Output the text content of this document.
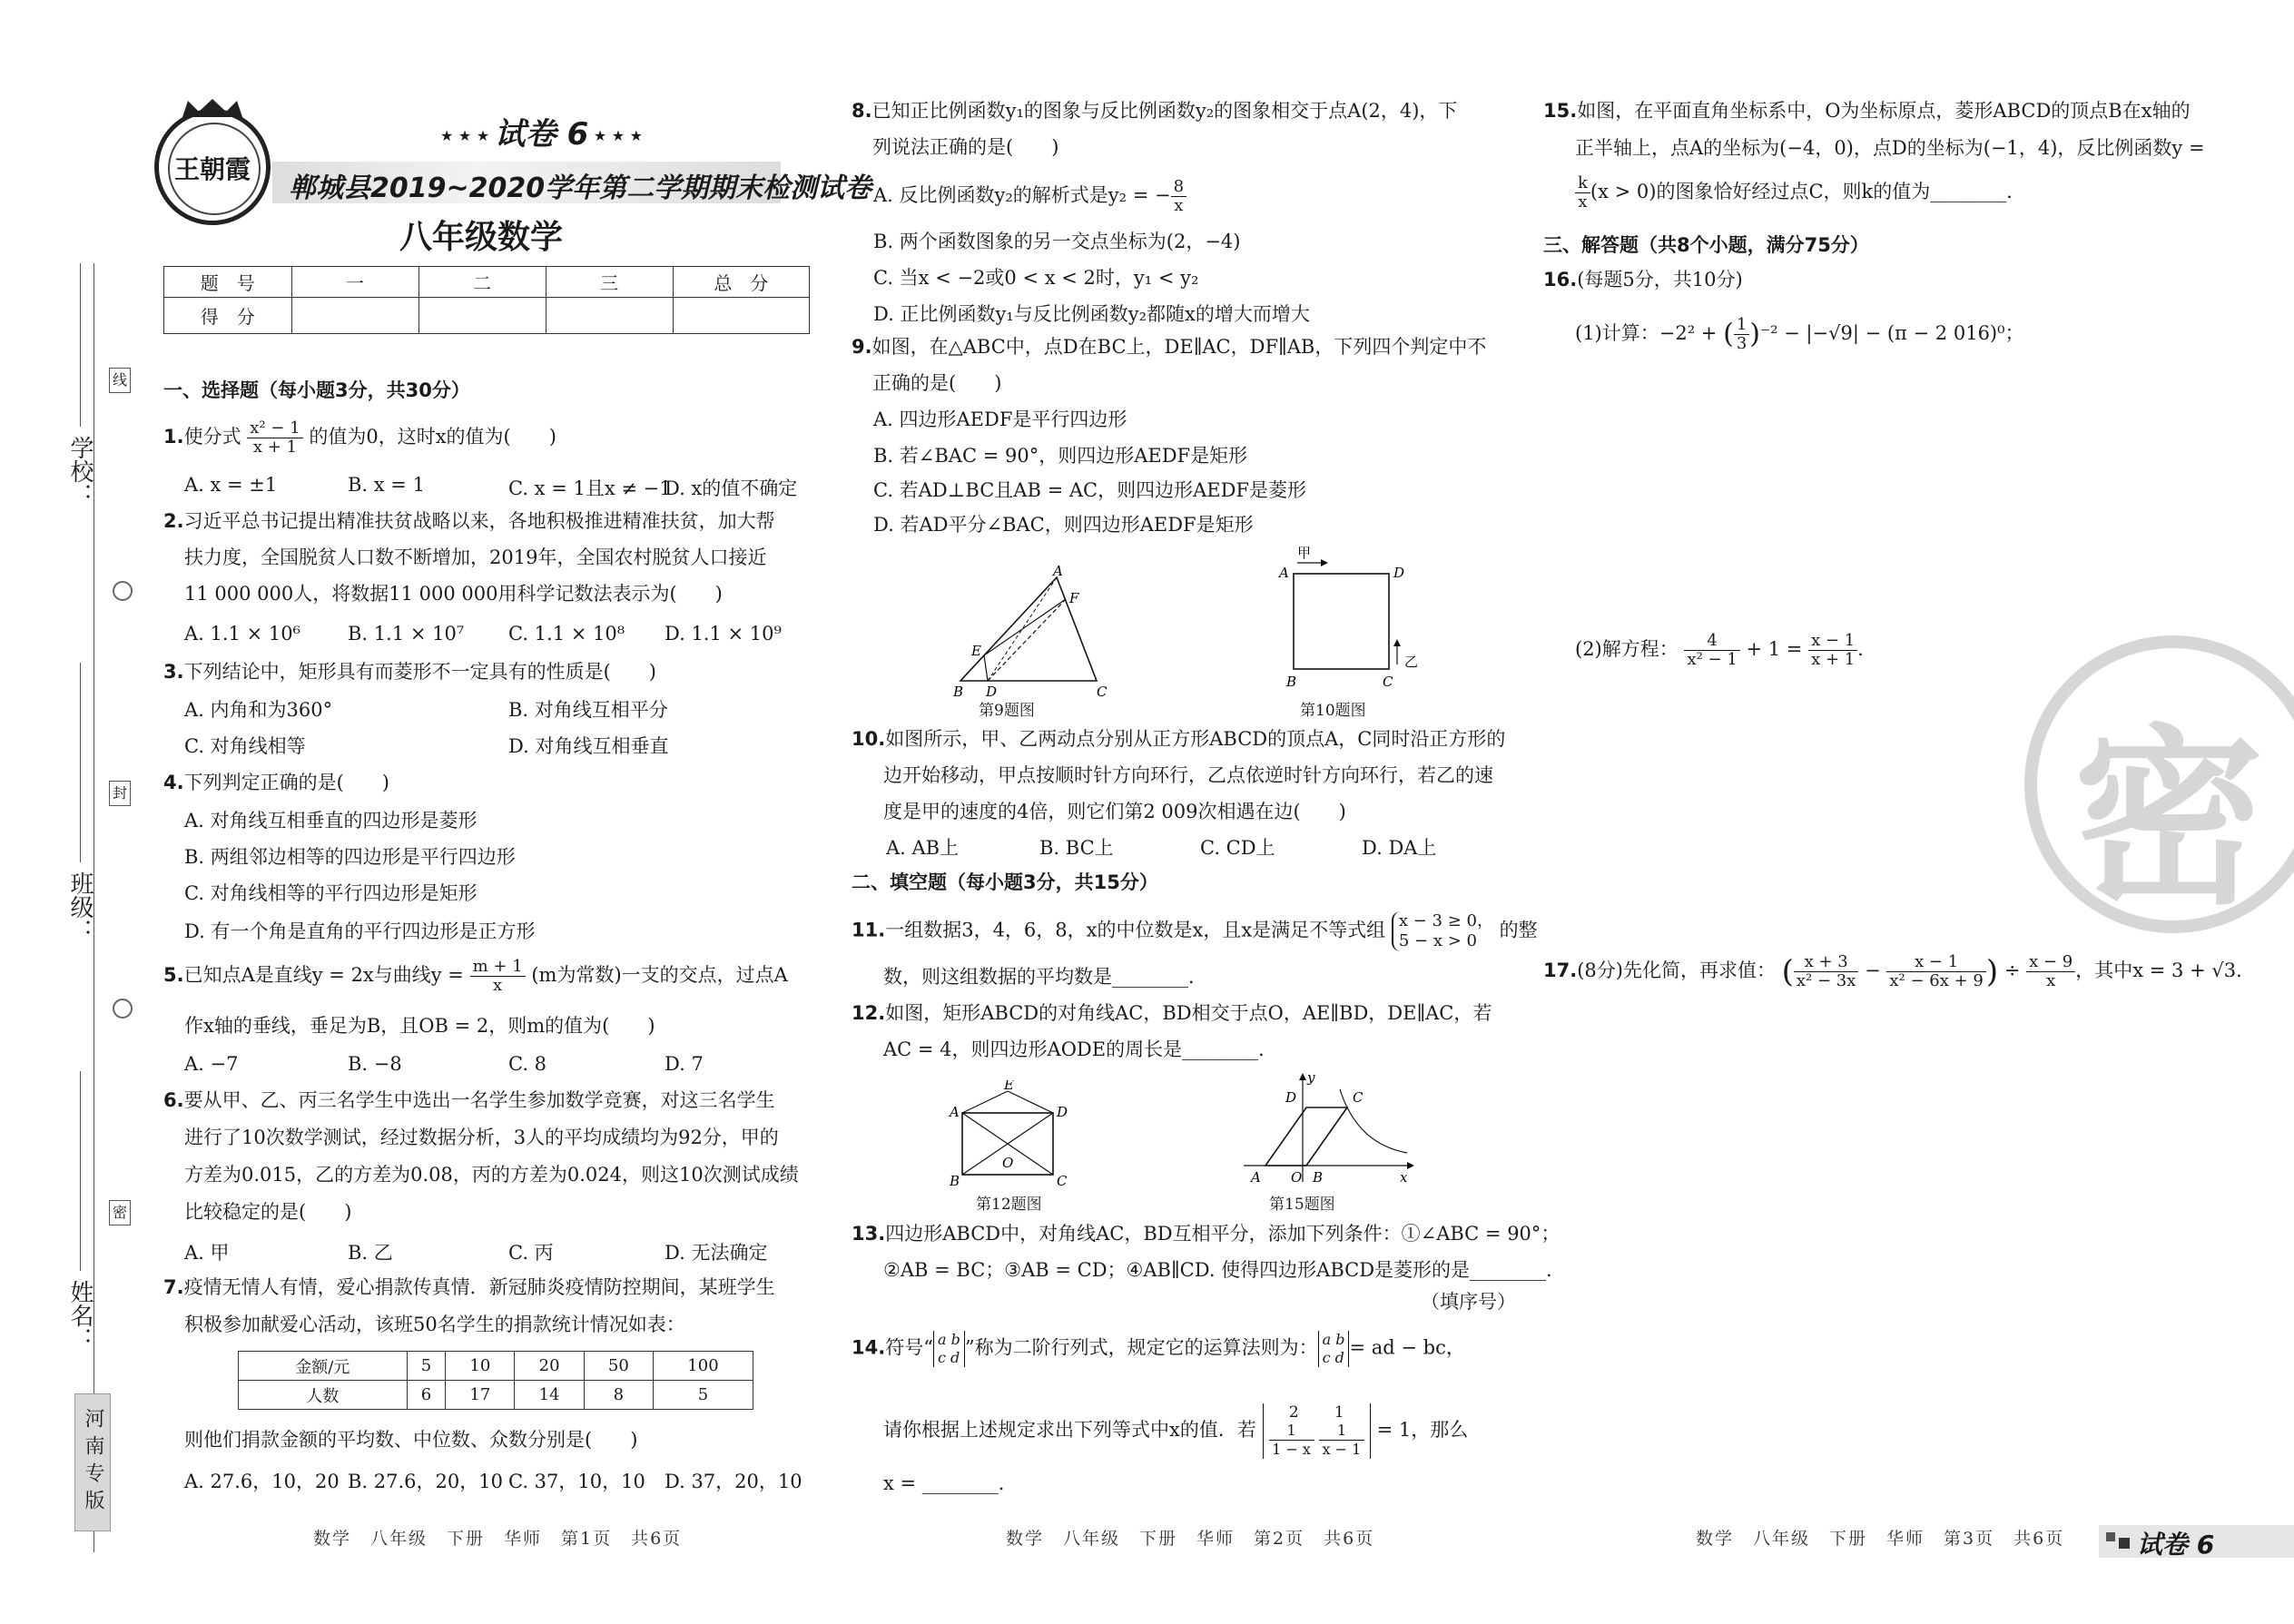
学校：
班级：
姓名：
线
封
密
河南专版
王朝霞
★ ★ ★ 试卷 6 ★ ★ ★
郸城县2019~2020学年第二学期期末检测试卷
八年级数学
题　号	一	二	三	总　分
得　分				
一、选择题（每小题3分，共30分）
1.使分式 $\frac{\text{x² − 1}}{x + 1}$ 的值为0，这时x的值为(　　)
A. x = ±1	B. x = 1	C. x = 1且x ≠ −1
D. x的值不确定
2.习近平总书记提出精准扶贫战略以来，各地积极推进精准扶贫，加大帮
扶力度，全国脱贫人口数不断增加，2019年，全国农村脱贫人口接近
11 000 000人，将数据11 000 000用科学记数法表示为(　　)
A. 1.1 × 10⁶ B. 1.1 × 10⁷ C. 1.1 × 10⁸ D. 1.1 × 10⁹
3.下列结论中，矩形具有而菱形不一定具有的性质是(　　)
A. 内角和为360°	B. 对角线互相平分
C. 对角线相等	D. 对角线互相垂直
4.下列判定正确的是(　　)
A. 对角线互相垂直的四边形是菱形
B. 两组邻边相等的四边形是平行四边形
C. 对角线相等的平行四边形是矩形
D. 有一个角是直角的平行四边形是正方形
5.已知点A是直线y = 2x与曲线$y = \frac{m + 1}{x} (m$为常数)一支的交点，过点A
作x轴的垂线，垂足为B，且OB = 2，则m的值为(　　)
A. −7	B. −8	C. 8	D. 7
6.要从甲、乙、丙三名学生中选出一名学生参加数学竞赛，对这三名学生
进行了10次数学测试，经过数据分析，3人的平均成绩均为92分，甲的
方差为0.015，乙的方差为0.08，丙的方差为0.024，则这10次测试成绩
比较稳定的是(　　)
A. 甲	B. 乙	C. 丙	D. 无法确定
7.疫情无情人有情，爱心捐款传真情．新冠肺炎疫情防控期间，某班学生
积极参加献爱心活动，该班50名学生的捐款统计情况如表：
金额/元	5	10	20	50	100
人数	6	17	14	8	5
则他们捐款金额的平均数、中位数、众数分别是(　　)
A. 27.6，10，20 B. 27.6，20，10 C. 37，10，10 D. 37，20，10
数学　八年级　下册　华师　第1页　共6页
8.已知正比例函数y₁的图象与反比例函数y₂的图象相交于点A(2，4)，下
列说法正确的是(　　)
A. 反比例函数y₂的解析式是y₂ = − $\frac{8}{x}$
B. 两个函数图象的另一交点坐标为(2，−4)
C. 当x < −2或0 < x < 2时，y₁ < y₂
D. 正比例函数y₁与反比例函数y₂都随x的增大而增大
9.如图，在△ABC中，点D在BC上，DE∥AC，DF∥AB，下列四个判定中不
正确的是(　　)
A. 四边形AEDF是平行四边形
B. 若∠BAC = 90°，则四边形AEDF是矩形
C. 若AD⊥BC且AB = AC，则四边形AEDF是菱形
D. 若AD平分∠BAC，则四边形AEDF是矩形
A
F
E
B D	C
第9题图
甲
A	D
B	C
乙
第10题图
10.如图所示，甲、乙两动点分别从正方形ABCD的顶点A，C同时沿正方形的
边开始移动，甲点按顺时针方向环行，乙点依逆时针方向环行，若乙的速
度是甲的速度的4倍，则它们第2 009次相遇在边(　　)
A. AB上	B. BC上	C. CD上	D. DA上
二、填空题（每小题3分，共15分）
11.一组数据3，4，6，8，x的中位数是x，且x是满足不等式组 x − 3 ≥ 0，
5 − x > 0	的整
数，则这组数据的平均数是________．
12.如图，矩形ABCD的对角线AC，BD相交于点O，AE∥BD，DE∥AC，若
AC = 4，则四边形AODE的周长是________．
E
A	D
O
B	C
第12题图
D
y
C
A O B	x
第15题图
13.四边形ABCD中，对角线AC，BD互相平分，添加下列条件：①∠ABC = 90°；
②AB = BC；③AB = CD；④AB∥CD. 使得四边形ABCD是菱形的是________.
（填序号）
14.符号“ a b
c d ”称为二阶行列式，规定它的运算法则为： a b
c d = ad − bc，
请你根据上述规定求出下列等式中x的值．若 2 1

$\frac{1}{1 - x}$
$\frac{1}{x - 1} = 1$，那么
x = ________．
数学　八年级　下册　华师　第2页　共6页
15.如图，在平面直角坐标系中，O为坐标原点，菱形ABCD的顶点B在x轴的
正半轴上，点A的坐标为(−4，0)，点D的坐标为(−1，4)，反比例函数y =
$\frac{k}{x} (x > 0)$的图象恰好经过点C，则k的值为________．
三、解答题（共8个小题，满分75分）
16.(每题5分，共10分)
(1)计算：−2² + ( $\frac{1}{3} )^{-2} - |-√9| - (\pi - 2$ 016)⁰；
(2)解方程： $\frac{4}{\text{x² − 1}} + 1 = \frac{x - 1}{x + 1}$ ．
17.(8分)先化简，再求值： ( $\frac{x + 3}{\text{x² − 3x}} - \frac{x - 1}{\text{x² − 6x + 9}}$ ) ÷ $\frac{x - 9}{x}$ ，其中x = 3 + √3．
密
数学　八年级　下册　华师　第3页　共6页	试卷 6
